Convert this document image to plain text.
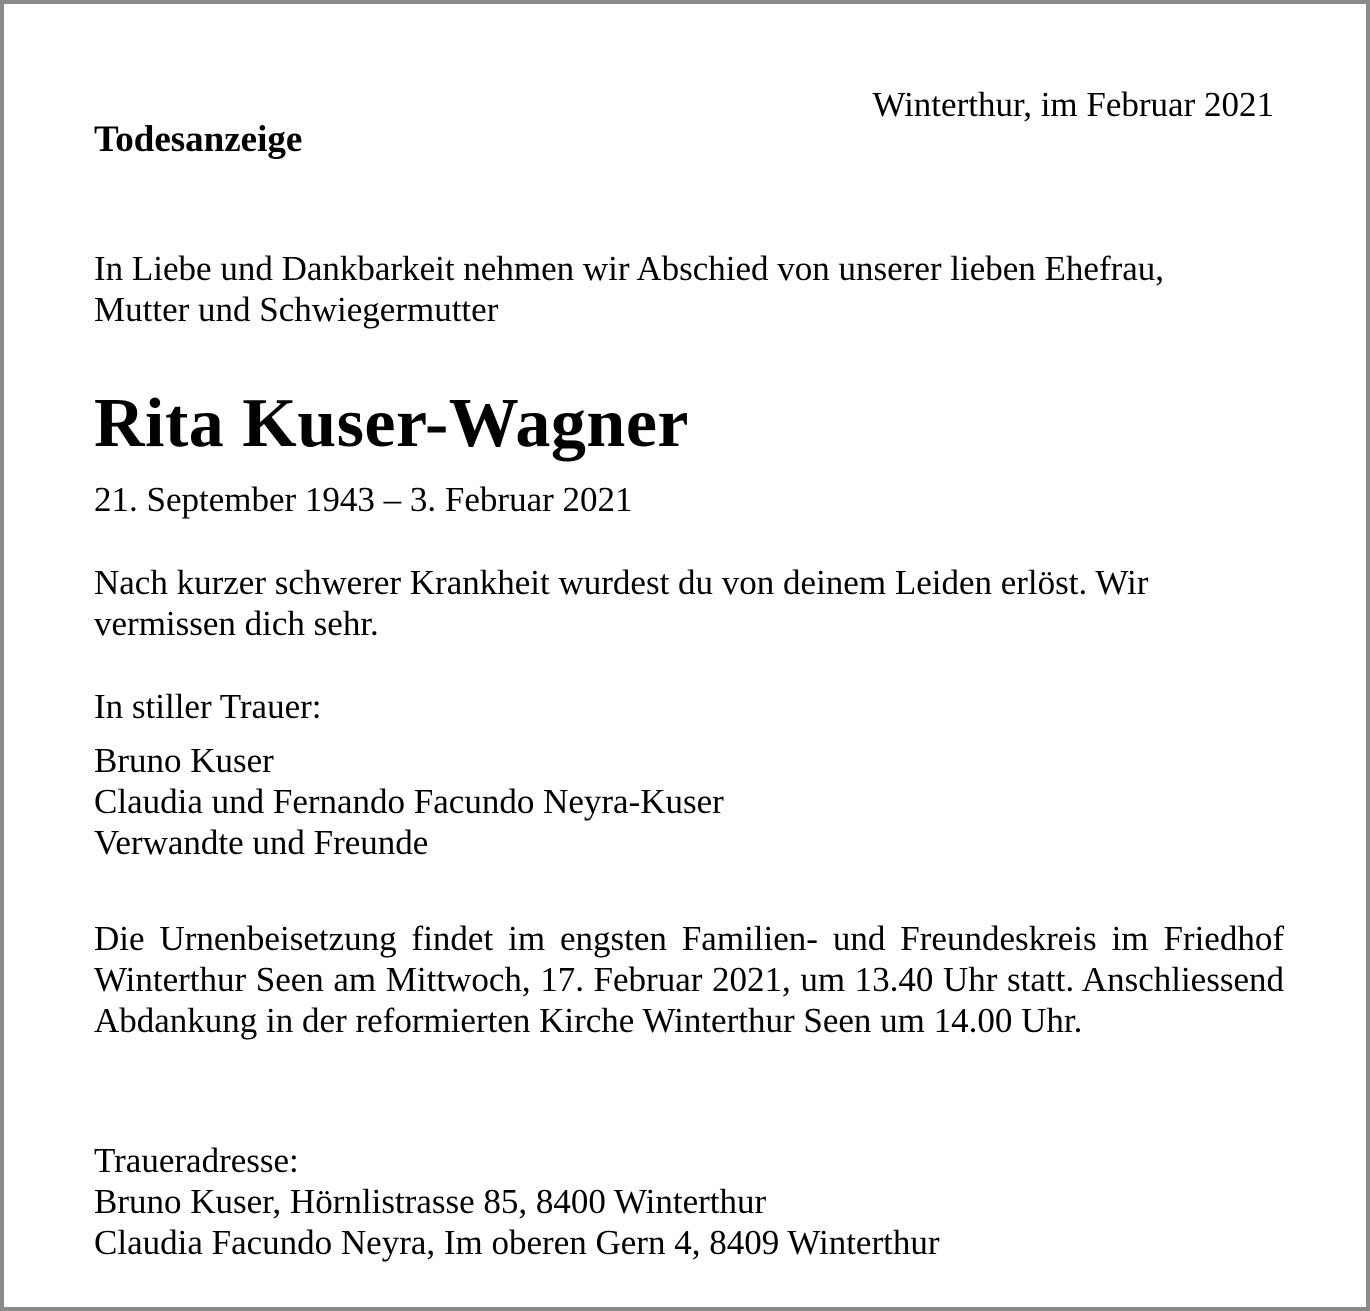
Winterthur, im Februar 2021
Todesanzeige
In Liebe und Dankbarkeit nehmen wir Abschied von unserer lieben Ehefrau,
Mutter und Schwiegermutter
Rita Kuser-Wagner
21. September 1943 – 3. Februar 2021
Nach kurzer schwerer Krankheit wurdest du von deinem Leiden erlöst. Wir
vermissen dich sehr.
In stiller Trauer:
Bruno Kuser
Claudia und Fernando Facundo Neyra-Kuser
Verwandte und Freunde
Die Urnenbeisetzung findet im engsten Familien- und Freundeskreis im Friedhof Winterthur Seen am Mittwoch, 17. Februar 2021, um 13.40 Uhr statt. Anschliessend Abdankung in der reformierten Kirche Winterthur Seen um 14.00 Uhr.
Traueradresse:
Bruno Kuser, Hörnlistrasse 85, 8400 Winterthur
Claudia Facundo Neyra, Im oberen Gern 4, 8409 Winterthur
